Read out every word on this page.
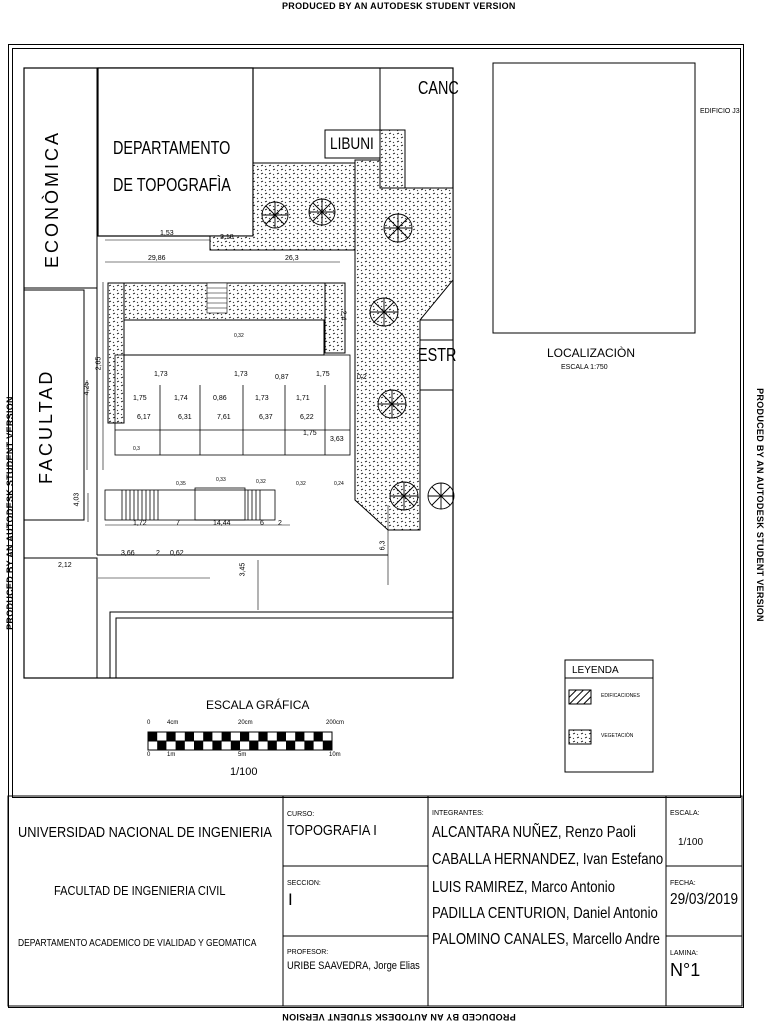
PRODUCED BY AN AUTODESK STUDENT VERSION
PRODUCED BY AN AUTODESK STUDENT VERSION
PRODUCED BY AN AUTODESK STUDENT VERSION	PRODUCED BY AN AUTODESK STUDENT VERSION
ECONÒMICA
FACULTAD
DEPARTAMENTO
DE TOPOGRAFÌA
LIBUNI
CANC
ESTR
1,53
3,18
29,86	26,3
4,25
2,65
2,4
1,73	1,73	0,87	1,75	0,2
1,75	1,74	0,86	1,73	1,71
6,17	6,31	7,61	6,37	6,22
1,75
3,63
4,03
1,72	7	14,44	6 2
3,66	2 0,62
2,12	3,45
6,3
0,32
0,3
0,35
0,33	0,32	0,32	0,24
EDIFICIO J3
LOCALIZACIÒN
ESCALA 1:750
ESCALA GRÁFICA
0	4cm	20cm	200cm
0	1m	5m	10m
1/100
LEYENDA
EDIFICACIONES
VEGETACIÒN
UNIVERSIDAD NACIONAL DE INGENIERIA
FACULTAD DE INGENIERIA CIVIL
DEPARTAMENTO ACADEMICO DE VIALIDAD Y GEOMATICA
CURSO:
TOPOGRAFIA I
SECCION:
I
PROFESOR:
URIBE SAAVEDRA, Jorge Elias
INTEGRANTES:
ALCANTARA NUÑEZ, Renzo Paoli
CABALLA HERNANDEZ, Ivan Estefano
LUIS RAMIREZ, Marco Antonio
PADILLA CENTURION, Daniel Antonio
PALOMINO CANALES, Marcello Andre
ESCALA:
1/100
FECHA:
29/03/2019
LAMINA:
N°1
